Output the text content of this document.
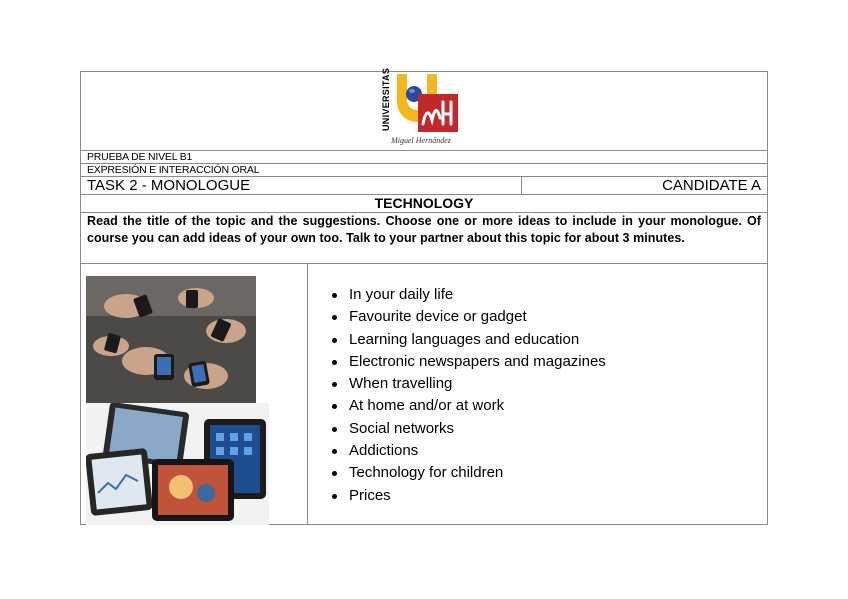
UNIVERSITAS
Miguel Hernández
PRUEBA DE NIVEL B1
EXPRESIÓN E INTERACCIÓN ORAL
TASK 2 - MONOLOGUE	CANDIDATE A
TECHNOLOGY
Read the title of the topic and the suggestions. Choose one or more ideas to include in your monologue. Of course you can add ideas of your own too. Talk to your partner about this topic for about 3 minutes.
In your daily life
Favourite device or gadget
Learning languages and education
Electronic newspapers and magazines
When travelling
At home and/or at work
Social networks
Addictions
Technology for children
Prices
